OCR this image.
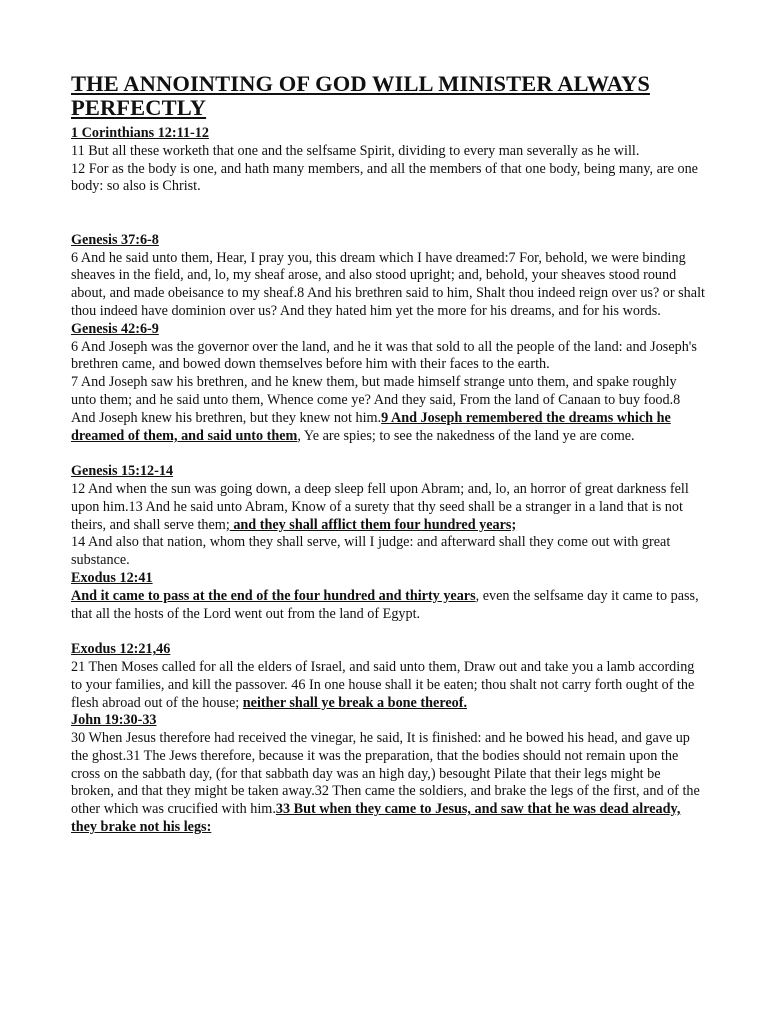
THE ANNOINTING OF GOD WILL MINISTER ALWAYS PERFECTLY

1 Corinthians 12:11-12

11 But all these worketh that one and the selfsame Spirit, dividing to every man severally as he will.

12 For as the body is one, and hath many members, and all the members of that one body, being many, are one body: so also is Christ.

Genesis 37:6-8

6 And he said unto them, Hear, I pray you, this dream which I have dreamed:7 For, behold, we were binding sheaves in the field, and, lo, my sheaf arose, and also stood upright; and, behold, your sheaves stood round about, and made obeisance to my sheaf.8 And his brethren said to him, Shalt thou indeed reign over us? or shalt thou indeed have dominion over us? And they hated him yet the more for his dreams, and for his words.

Genesis 42:6-9

6 And Joseph was the governor over the land, and he it was that sold to all the people of the land: and Joseph's brethren came, and bowed down themselves before him with their faces to the earth.

7 And Joseph saw his brethren, and he knew them, but made himself strange unto them, and spake roughly unto them; and he said unto them, Whence come ye? And they said, From the land of Canaan to buy food.8 And Joseph knew his brethren, but they knew not him.9 And Joseph remembered the dreams which he dreamed of them, and said unto them, Ye are spies; to see the nakedness of the land ye are come.

Genesis 15:12-14

12 And when the sun was going down, a deep sleep fell upon Abram; and, lo, an horror of great darkness fell upon him.13 And he said unto Abram, Know of a surety that thy seed shall be a stranger in a land that is not theirs, and shall serve them; and they shall afflict them four hundred years;

14 And also that nation, whom they shall serve, will I judge: and afterward shall they come out with great substance.

Exodus 12:41

And it came to pass at the end of the four hundred and thirty years, even the selfsame day it came to pass, that all the hosts of the Lord went out from the land of Egypt.

Exodus 12:21,46

21 Then Moses called for all the elders of Israel, and said unto them, Draw out and take you a lamb according to your families, and kill the passover. 46 In one house shall it be eaten; thou shalt not carry forth ought of the flesh abroad out of the house; neither shall ye break a bone thereof.

John 19:30-33

30 When Jesus therefore had received the vinegar, he said, It is finished: and he bowed his head, and gave up the ghost.31 The Jews therefore, because it was the preparation, that the bodies should not remain upon the cross on the sabbath day, (for that sabbath day was an high day,) besought Pilate that their legs might be broken, and that they might be taken away.32 Then came the soldiers, and brake the legs of the first, and of the other which was crucified with him.33 But when they came to Jesus, and saw that he was dead already, they brake not his legs:
